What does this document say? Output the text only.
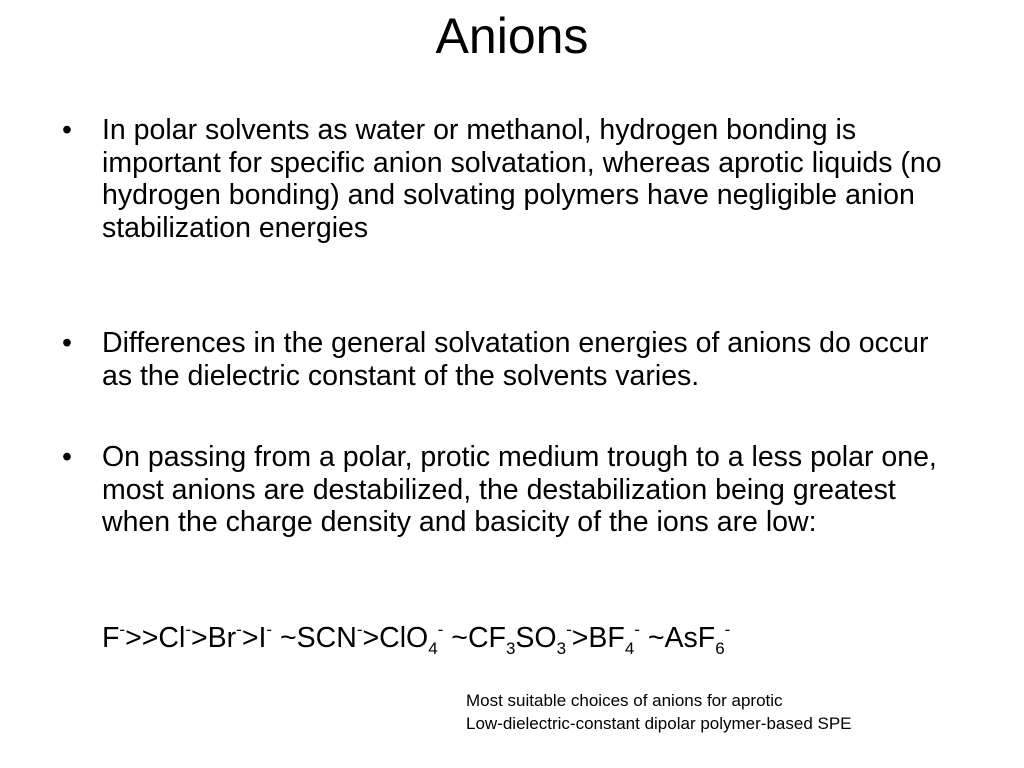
Anions
• In polar solvents as water or methanol, hydrogen bonding is important for specific anion solvatation, whereas aprotic liquids (no hydrogen bonding) and solvating polymers have negligible anion stabilization energies
• Differences in the general solvatation energies of anions do occur as the dielectric constant of the solvents varies.
• On passing from a polar, protic medium trough to a less polar one, most anions are destabilized, the destabilization being greatest when the charge density and basicity of the ions are low:
F->>Cl->Br->I- ~SCN->ClO$_4$- $\sim CF_3SO_3^->BF_4^-$ ~AsF$_6$-
Most suitable choices of anions for aprotic
Low-dielectric-constant dipolar polymer-based SPE
